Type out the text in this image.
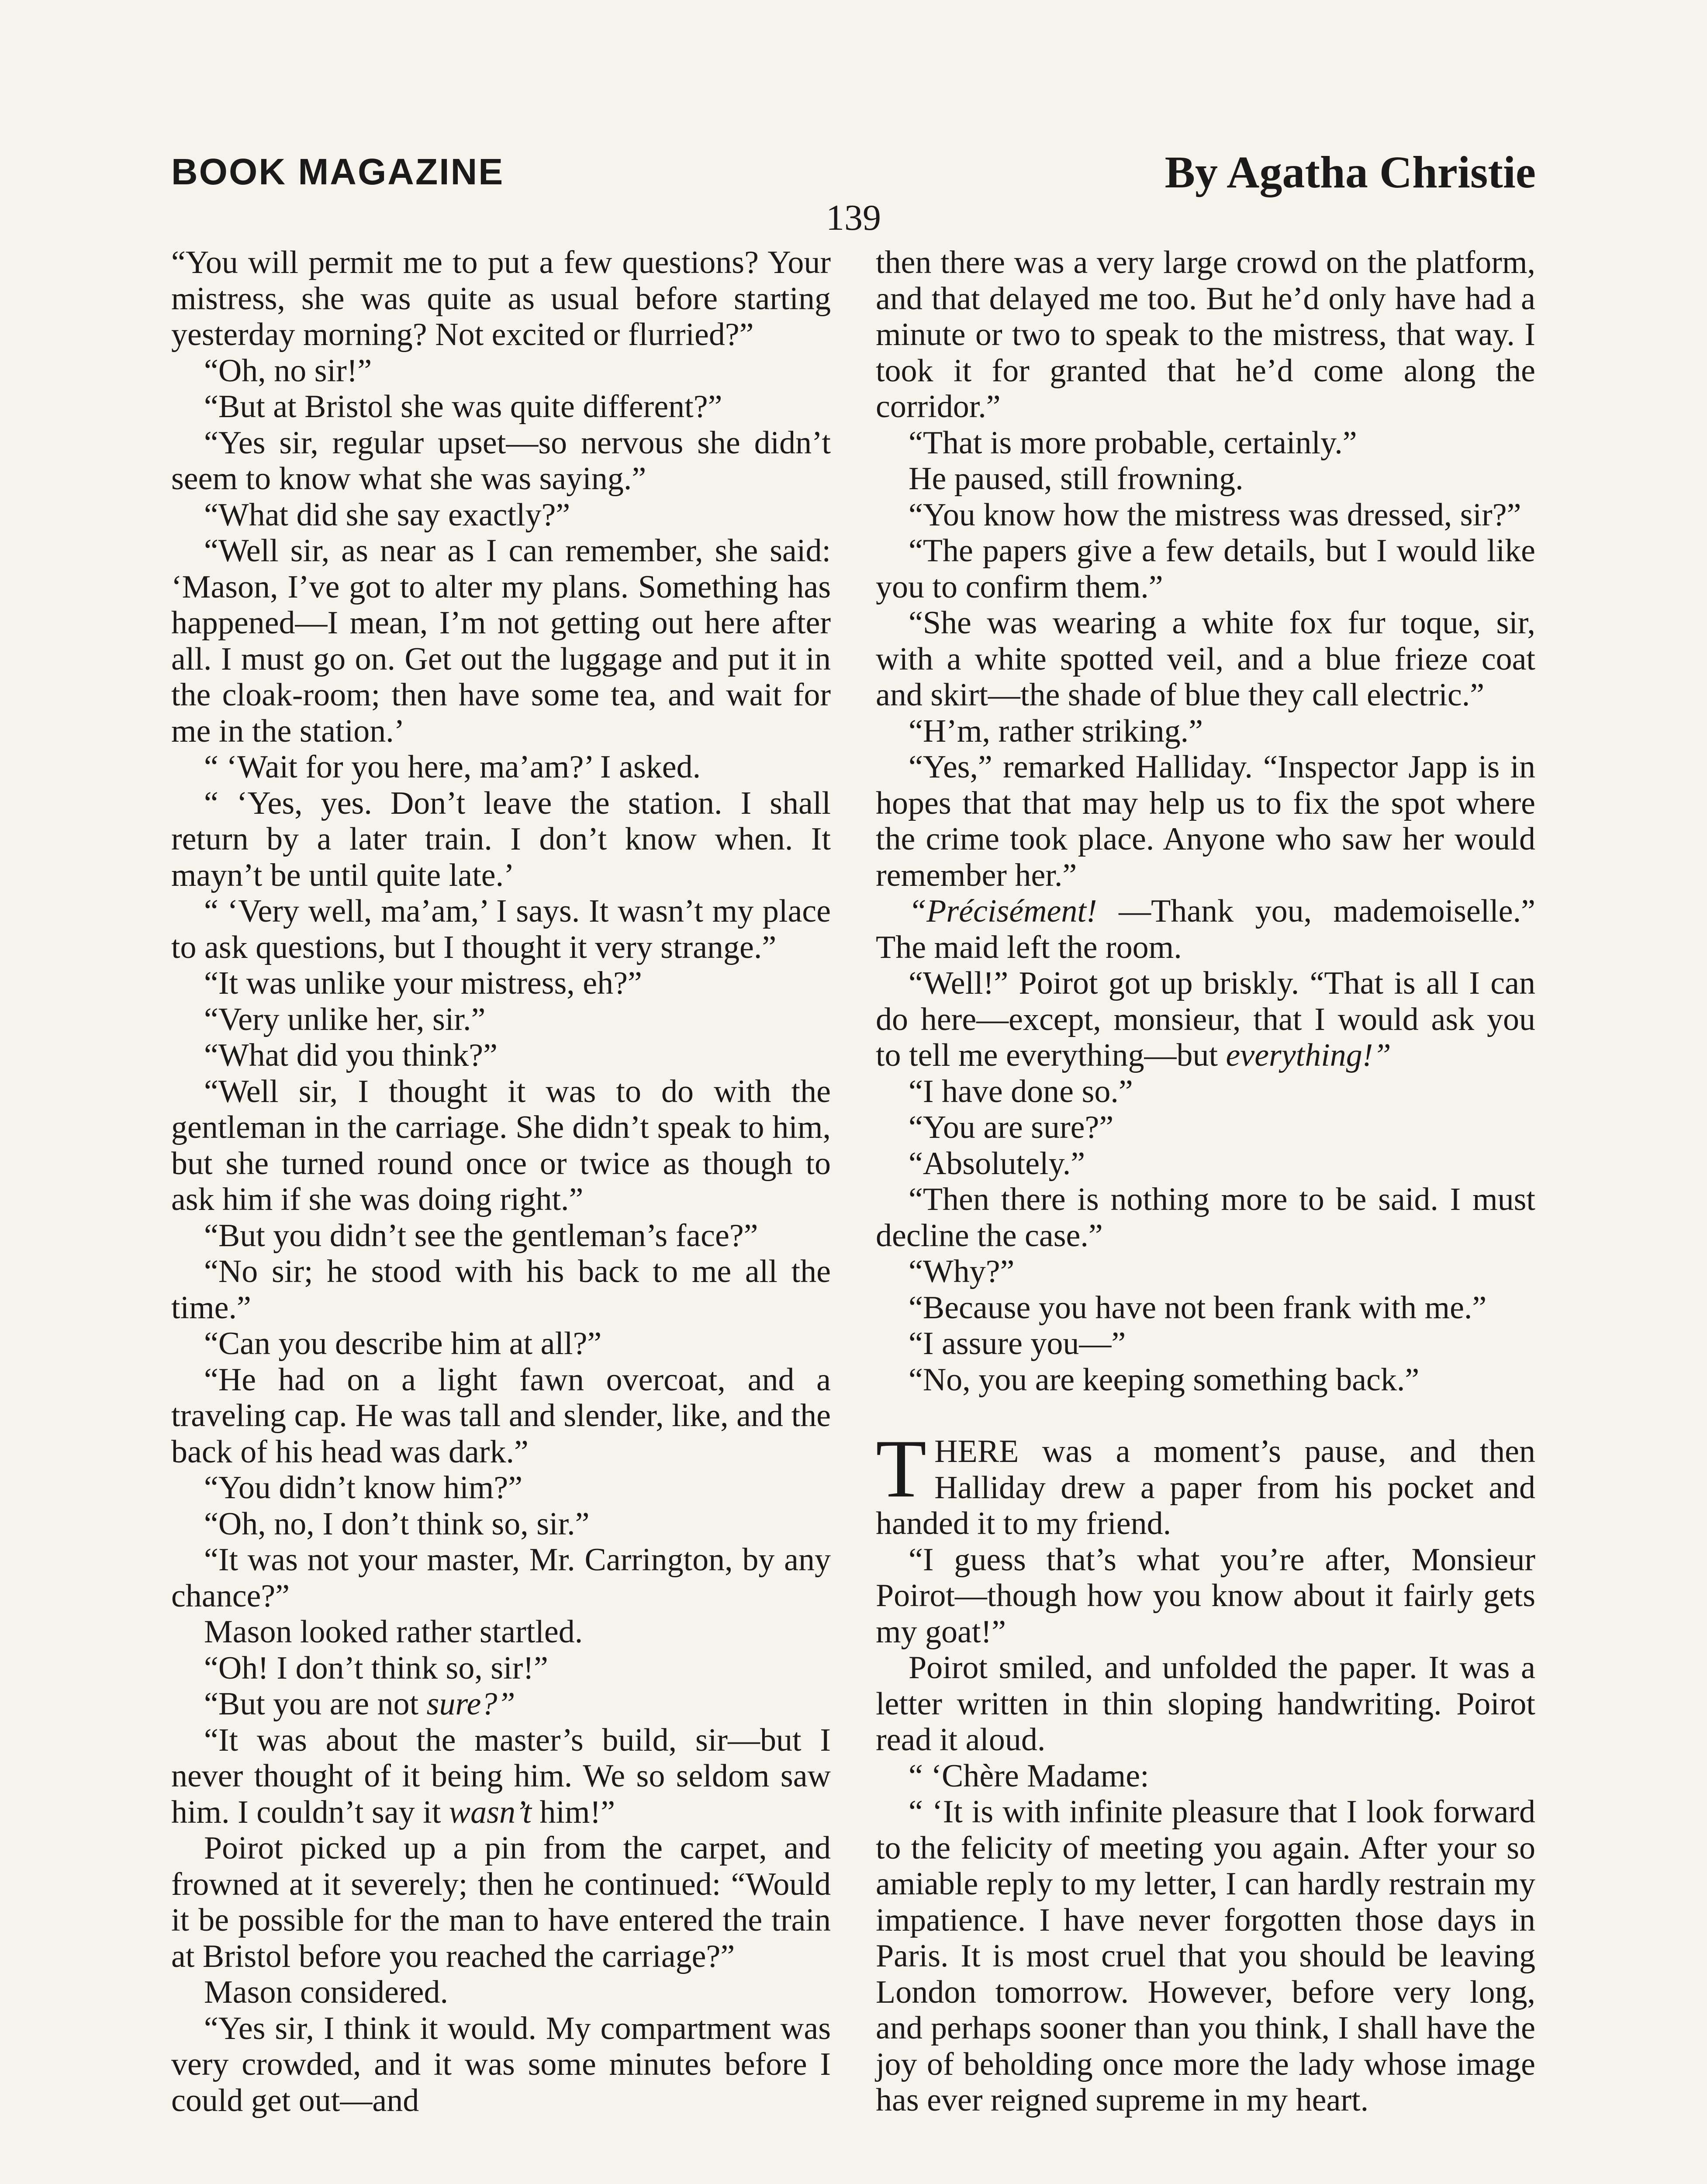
BOOK MAGAZINE	By Agatha Christie
139

“You will permit me to put a few questions? Your mistress, she was quite as usual before starting yesterday morning? Not excited or flurried?”

“Oh, no sir!”

“But at Bristol she was quite different?”

“Yes sir, regular upset—so nervous she didn’t seem to know what she was saying.”

“What did she say exactly?”

“Well sir, as near as I can remember, she said: ‘Mason, I’ve got to alter my plans. Something has happened—I mean, I’m not getting out here after all. I must go on. Get out the luggage and put it in the cloak-room; then have some tea, and wait for me in the station.’

“ ‘Wait for you here, ma’am?’ I asked.

“ ‘Yes, yes. Don’t leave the station. I shall return by a later train. I don’t know when. It mayn’t be until quite late.’

“ ‘Very well, ma’am,’ I says. It wasn’t my place to ask questions, but I thought it very strange.”

“It was unlike your mistress, eh?”

“Very unlike her, sir.”

“What did you think?”

“Well sir, I thought it was to do with the gentleman in the carriage. She didn’t speak to him, but she turned round once or twice as though to ask him if she was doing right.”

“But you didn’t see the gentleman’s face?”

“No sir; he stood with his back to me all the time.”

“Can you describe him at all?”

“He had on a light fawn overcoat, and a traveling cap. He was tall and slender, like, and the back of his head was dark.”

“You didn’t know him?”

“Oh, no, I don’t think so, sir.”

“It was not your master, Mr. Carrington, by any chance?”

Mason looked rather startled.

“Oh! I don’t think so, sir!”

“But you are not sure?”

“It was about the master’s build, sir—but I never thought of it being him. We so seldom saw him. I couldn’t say it wasn’t him!”

Poirot picked up a pin from the carpet, and frowned at it severely; then he continued: “Would it be possible for the man to have entered the train at Bristol before you reached the carriage?”

Mason considered.

“Yes sir, I think it would. My compartment was very crowded, and it was some minutes before I could get out—and

then there was a very large crowd on the platform, and that delayed me too. But he’d only have had a minute or two to speak to the mistress, that way. I took it for granted that he’d come along the corridor.”

“That is more probable, certainly.”

He paused, still frowning.

“You know how the mistress was dressed, sir?”

“The papers give a few details, but I would like you to confirm them.”

“She was wearing a white fox fur toque, sir, with a white spotted veil, and a blue frieze coat and skirt—the shade of blue they call electric.”

“H’m, rather striking.”

“Yes,” remarked Halliday. “Inspector Japp is in hopes that that may help us to fix the spot where the crime took place. Anyone who saw her would remember her.”

“Précisément! —Thank you, mademoiselle.” The maid left the room.

“Well!” Poirot got up briskly. “That is all I can do here—except, monsieur, that I would ask you to tell me everything—but everything!”

“I have done so.”

“You are sure?”

“Absolutely.”

“Then there is nothing more to be said. I must decline the case.”

“Why?”

“Because you have not been frank with me.”

“I assure you—”

“No, you are keeping something back.”

THERE was a moment’s pause, and then Halliday drew a paper from his pocket and handed it to my friend.

“I guess that’s what you’re after, Monsieur Poirot—though how you know about it fairly gets my goat!”

Poirot smiled, and unfolded the paper. It was a letter written in thin sloping handwriting. Poirot read it aloud.

“ ‘Chère Madame:

“ ‘It is with infinite pleasure that I look forward to the felicity of meeting you again. After your so amiable reply to my letter, I can hardly restrain my impatience. I have never forgotten those days in Paris. It is most cruel that you should be leaving London tomorrow. However, before very long, and perhaps sooner than you think, I shall have the joy of beholding once more the lady whose image has ever reigned supreme in my heart.
